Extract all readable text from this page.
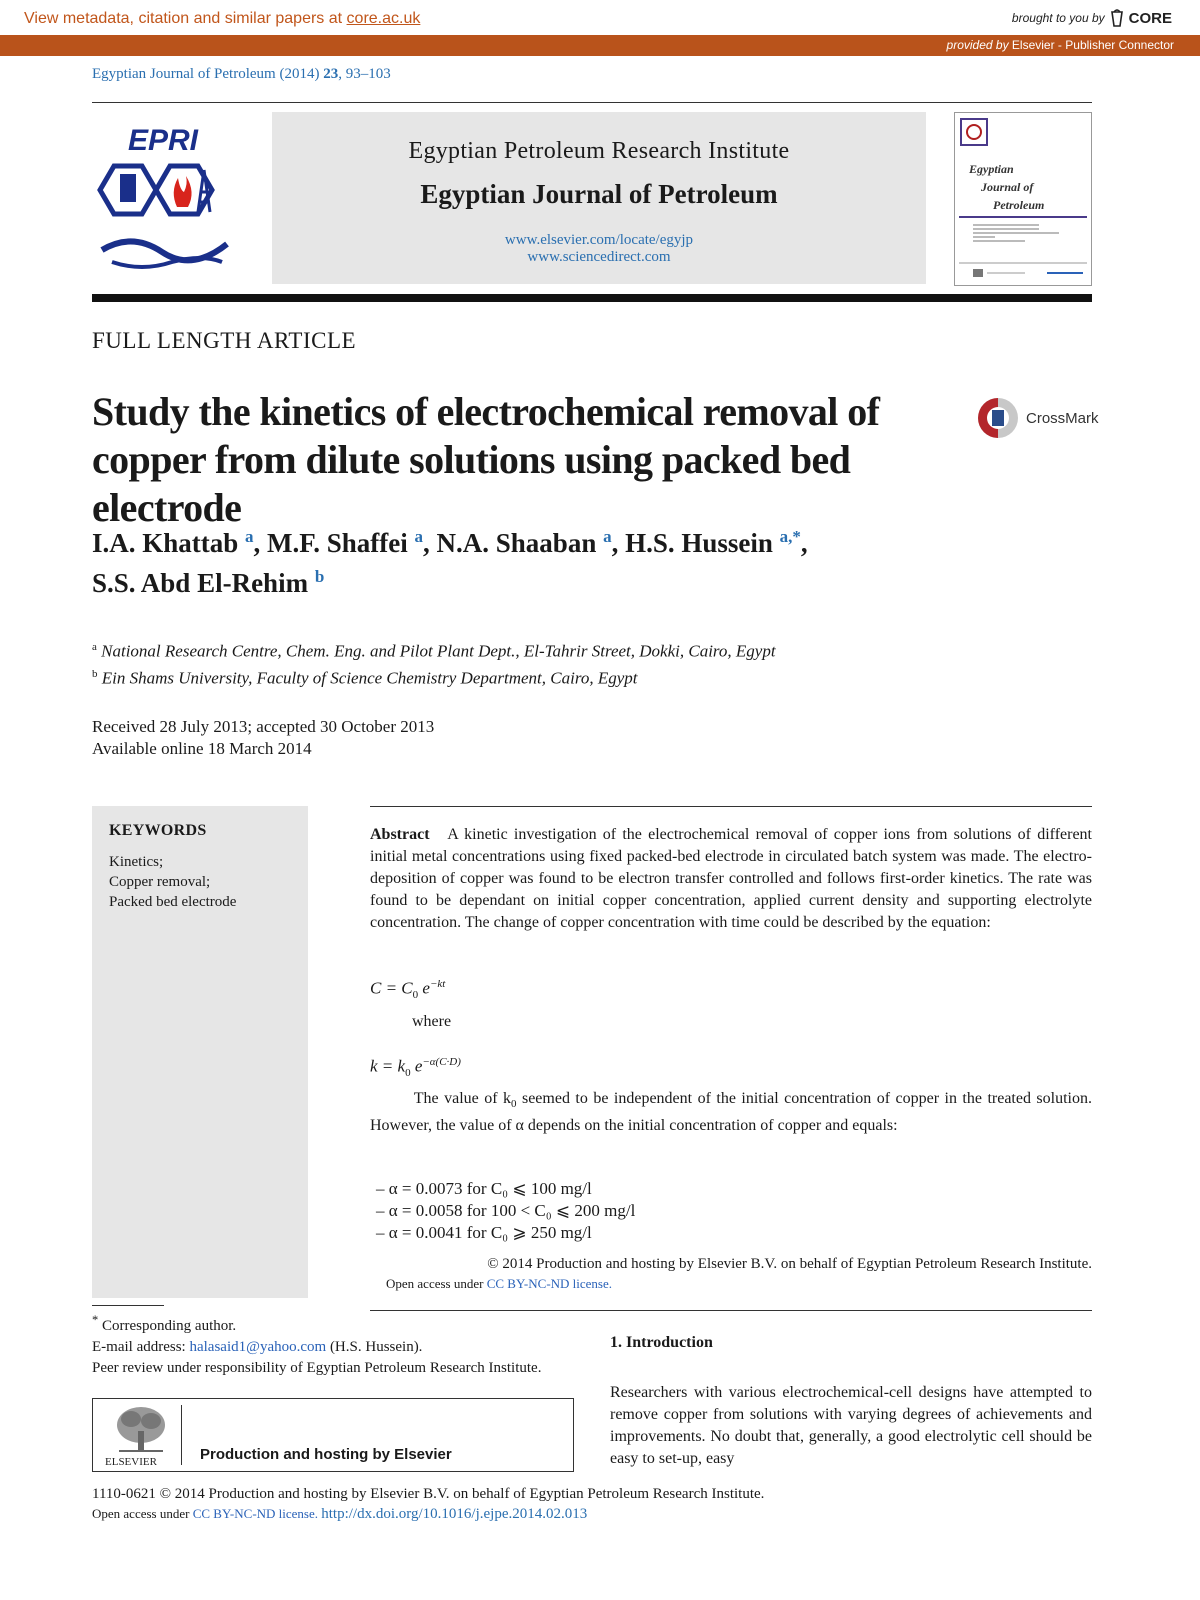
View metadata, citation and similar papers at core.ac.uk	brought to you by CORE
provided by Elsevier - Publisher Connector
Egyptian Journal of Petroleum (2014) 23, 93–103
EPRI	Egyptian Petroleum Research Institute
Egyptian Journal of Petroleum
www.elsevier.com/locate/egyjp
www.sciencedirect.com
Egyptian
Journal of
Petroleum
FULL LENGTH ARTICLE
Study the kinetics of electrochemical removal of copper from dilute solutions using packed bed electrode
CrossMark
I.A. Khattab $^a$, M.F. Shaffei $^a$, N.A. Shaaban $^a$, H.S. Hussein $^{a,*}$,
S.S. Abd El-Rehim $^b$
$^a$ National Research Centre, Chem. Eng. and Pilot Plant Dept., El-Tahrir Street, Dokki, Cairo, Egypt
$^b$ Ein Shams University, Faculty of Science Chemistry Department, Cairo, Egypt
Received 28 July 2013; accepted 30 October 2013
Available online 18 March 2014
KEYWORDS
Kinetics;
Copper removal;
Packed bed electrode
Abstract A kinetic investigation of the electrochemical removal of copper ions from solutions of different initial metal concentrations using fixed packed-bed electrode in circulated batch system was made. The electro-deposition of copper was found to be electron transfer controlled and follows first-order kinetics. The rate was found to be dependant on initial copper concentration, applied current density and supporting electrolyte concentration. The change of copper concentration with time could be described by the equation:
$C = C_0$ $e^{-kt}$
where
$k = k_0$ $e^{-\alpha(C\cdot D)}$
The value of $k_0$ seemed to be independent of the initial concentration of copper in the treated solution. However, the value of α depends on the initial concentration of copper and equals:
– α = 0.0073 for C₀ ⩽ 100 mg/l
– α = 0.0058 for 100 < C₀ ⩽ 200 mg/l
– α = 0.0041 for C₀ ⩾ 250 mg/l
© 2014 Production and hosting by Elsevier B.V. on behalf of Egyptian Petroleum Research Institute.
Open access under CC BY-NC-ND license.
* Corresponding author.
E-mail address: halasaid1@yahoo.com (H.S. Hussein).
Peer review under responsibility of Egyptian Petroleum Research Institute.
ELSEVIER	Production and hosting by Elsevier
1. Introduction
Researchers with various electrochemical-cell designs have attempted to remove copper from solutions with varying degrees of achievements and improvements. No doubt that, generally, a good electrolytic cell should be easy to set-up, easy
1110-0621 © 2014 Production and hosting by Elsevier B.V. on behalf of Egyptian Petroleum Research Institute.
Open access under CC BY-NC-ND license. http://dx.doi.org/10.1016/j.ejpe.2014.02.013
